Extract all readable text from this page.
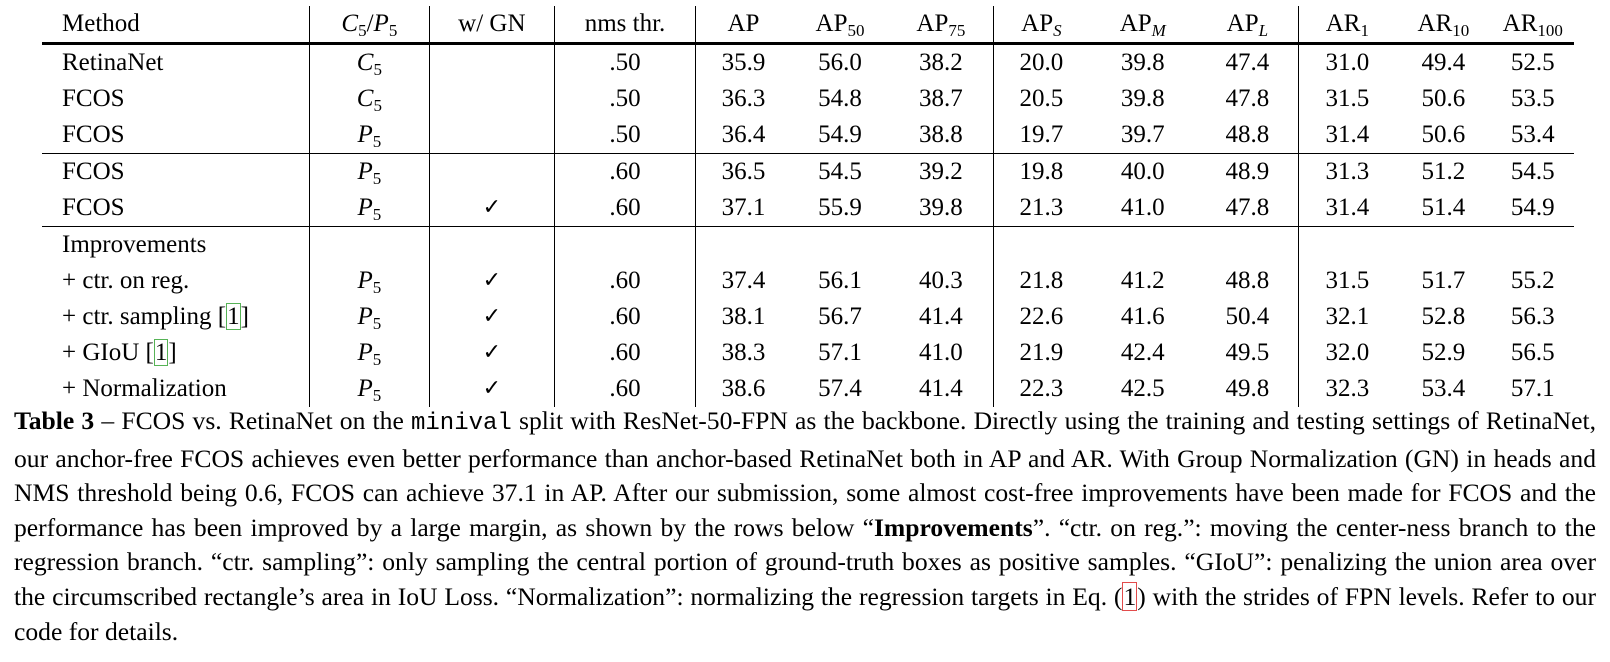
Method	$C_5/P_5$	w/ GN	nms thr.	AP	$AP_{50}$	$AP_{75}$	$AP_S$	$AP_M$	$AP_L$	$AR_1$	$AR_{10}$	$AR_{100}$
RetinaNet	$C_5$		.50	35.9	56.0	38.2	20.0	39.8	47.4	31.0	49.4	52.5
FCOS	$C_5$		.50	36.3	54.8	38.7	20.5	39.8	47.8	31.5	50.6	53.5
FCOS	$P_5$		.50	36.4	54.9	38.8	19.7	39.7	48.8	31.4	50.6	53.4
FCOS	$P_5$		.60	36.5	54.5	39.2	19.8	40.0	48.9	31.3	51.2	54.5
FCOS	$P_5$	✓	.60	37.1	55.9	39.8	21.3	41.0	47.8	31.4	51.4	54.9
Improvements												
+ ctr. on reg.	$P_5$	✓	.60	37.4	56.1	40.3	21.8	41.2	48.8	31.5	51.7	55.2
+ ctr. sampling [1]	$P_5$	✓	.60	38.1	56.7	41.4	22.6	41.6	50.4	32.1	52.8	56.3
+ GIoU [1]	$P_5$	✓	.60	38.3	57.1	41.0	21.9	42.4	49.5	32.0	52.9	56.5
+ Normalization	$P_5$	✓	.60	38.6	57.4	41.4	22.3	42.5	49.8	32.3	53.4	57.1
Table 3 – FCOS vs. RetinaNet on the minival split with ResNet-50-FPN as the backbone. Directly using the training and testing settings of RetinaNet, our anchor-free FCOS achieves even better performance than anchor-based RetinaNet both in AP and AR. With Group Normalization (GN) in heads and NMS threshold being 0.6, FCOS can achieve 37.1 in AP. After our submission, some almost cost-free improvements have been made for FCOS and the performance has been improved by a large margin, as shown by the rows below “Improvements”. “ctr. on reg.”: moving the center-ness branch to the regression branch. “ctr. sampling”: only sampling the central portion of ground-truth boxes as positive samples. “GIoU”: penalizing the union area over the circumscribed rectangle’s area in IoU Loss. “Normalization”: normalizing the regression targets in Eq. (1) with the strides of FPN levels. Refer to our code for details.
